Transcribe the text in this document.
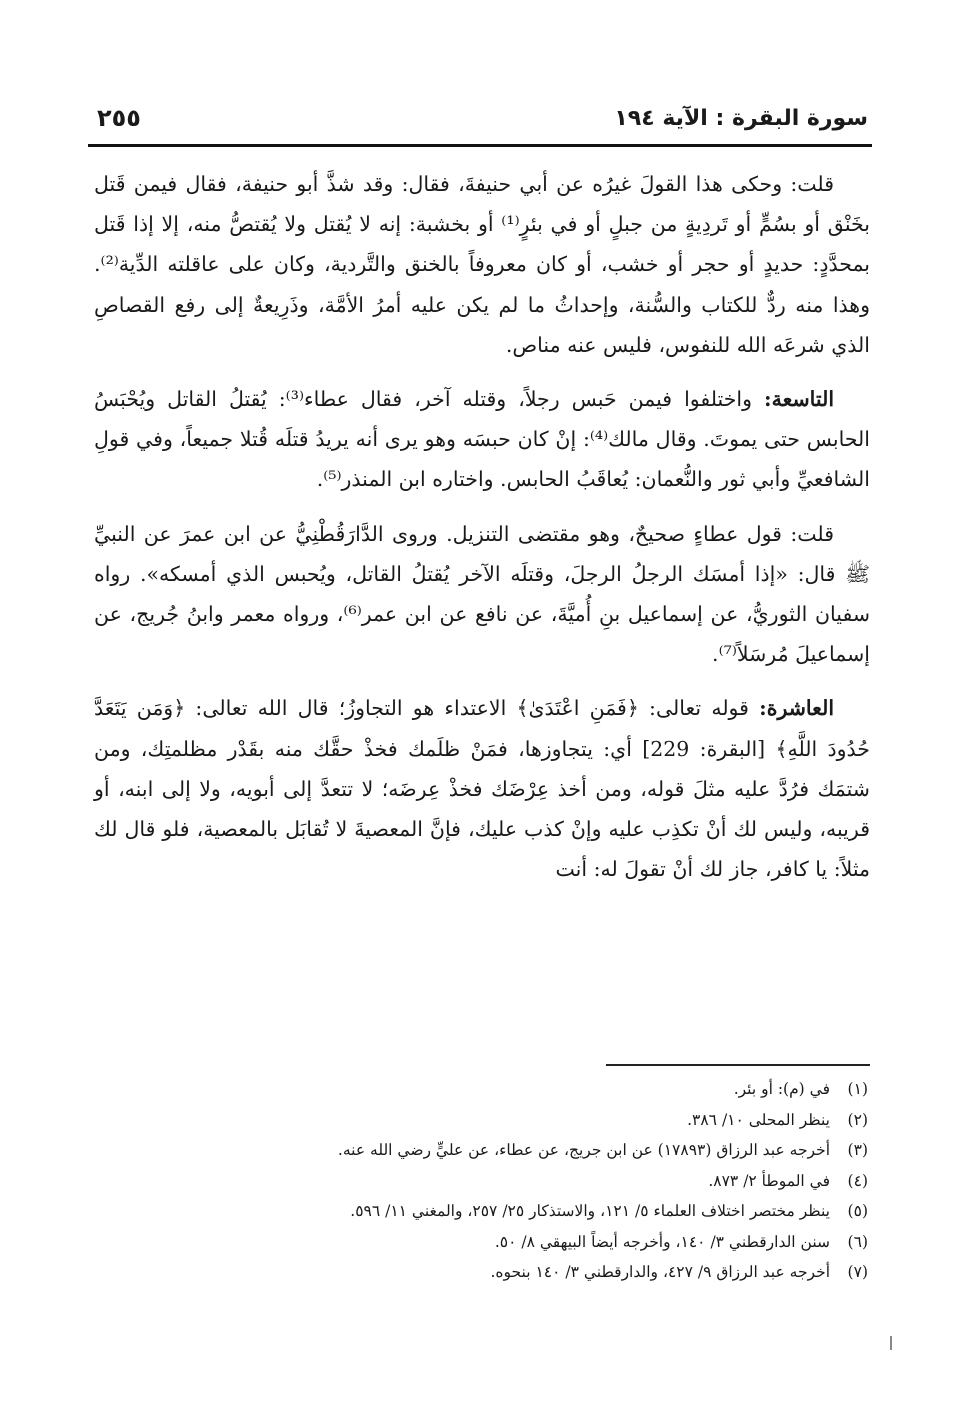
سورة البقرة : الآية ١٩٤
٢٥٥

قلت: وحكى هذا القولَ غيرُه عن أبي حنيفةَ، فقال: وقد شذَّ أبو حنيفة، فقال فيمن قَتل بخَنْق أو بسُمٍّ أو تَردِيةٍ من جبلٍ أو في بئرٍ⁽¹⁾ أو بخشبة: إنه لا يُقتل ولا يُقتصُّ منه، إلا إذا قَتل بمحدَّدٍ: حديدٍ أو حجر أو خشب، أو كان معروفاً بالخنق والتَّردية، وكان على عاقلته الدِّية⁽²⁾. وهذا منه ردٌّ للكتاب والسُّنة، وإحداثُ ما لم يكن عليه أمرُ الأمَّة، وذَرِيعةٌ إلى رفع القصاصِ الذي شرعَه الله للنفوس، فليس عنه مناص.

التاسعة: واختلفوا فيمن حَبس رجلاً، وقتله آخر، فقال عطاء⁽³⁾: يُقتلُ القاتل ويُحْبَسُ الحابس حتى يموتَ. وقال مالك⁽⁴⁾: إنْ كان حبسَه وهو يرى أنه يريدُ قتلَه قُتلا جميعاً، وفي قولِ الشافعيِّ وأبي ثور والنُّعمان: يُعاقَبُ الحابس. واختاره ابن المنذر⁽⁵⁾.

قلت: قول عطاءٍ صحيحٌ، وهو مقتضى التنزيل. وروى الدَّارَقُطْنِيُّ عن ابن عمرَ عن النبيِّ ﷺ قال: «إذا أمسَك الرجلُ الرجلَ، وقتلَه الآخر يُقتلُ القاتل، ويُحبس الذي أمسكه». رواه سفيان الثوريُّ، عن إسماعيل بنِ أُميَّةَ، عن نافع عن ابن عمر⁽⁶⁾، ورواه معمر وابنُ جُريج، عن إسماعيلَ مُرسَلاً⁽⁷⁾.

العاشرة: قوله تعالى: ﴿فَمَنِ اعْتَدَىٰ﴾ الاعتداء هو التجاوزُ؛ قال الله تعالى: ﴿وَمَن يَتَعَدَّ حُدُودَ اللَّهِ﴾ [البقرة: 229] أي: يتجاوزها، فمَنْ ظلَمك فخذْ حقَّك منه بقَدْر مظلمتِك، ومن شتمَك فرُدَّ عليه مثلَ قوله، ومن أخذ عِرْضَك فخذْ عِرضَه؛ لا تتعدَّ إلى أبويه، ولا إلى ابنه، أو قريبه، وليس لك أنْ تكذِب عليه وإنْ كذب عليك، فإنَّ المعصيةَ لا تُقابَل بالمعصية، فلو قال لك مثلاً: يا كافر، جاز لك أنْ تقولَ له: أنت

(١)
في (م): أو بئر.
(٢)
ينظر المحلى ١٠/ ٣٨٦.
(٣)
أخرجه عبد الرزاق (١٧٨٩٣) عن ابن جريج، عن عطاء، عن عليٍّ رضي الله عنه.
(٤)
في الموطأ ٢/ ٨٧٣.
(٥)
ينظر مختصر اختلاف العلماء ٥/ ١٢١، والاستذكار ٢٥/ ٢٥٧، والمغني ١١/ ٥٩٦.
(٦)
سنن الدارقطني ٣/ ١٤٠، وأخرجه أيضاً البيهقي ٨/ ٥٠.
(٧)
أخرجه عبد الرزاق ٩/ ٤٢٧، والدارقطني ٣/ ١٤٠ بنحوه.
